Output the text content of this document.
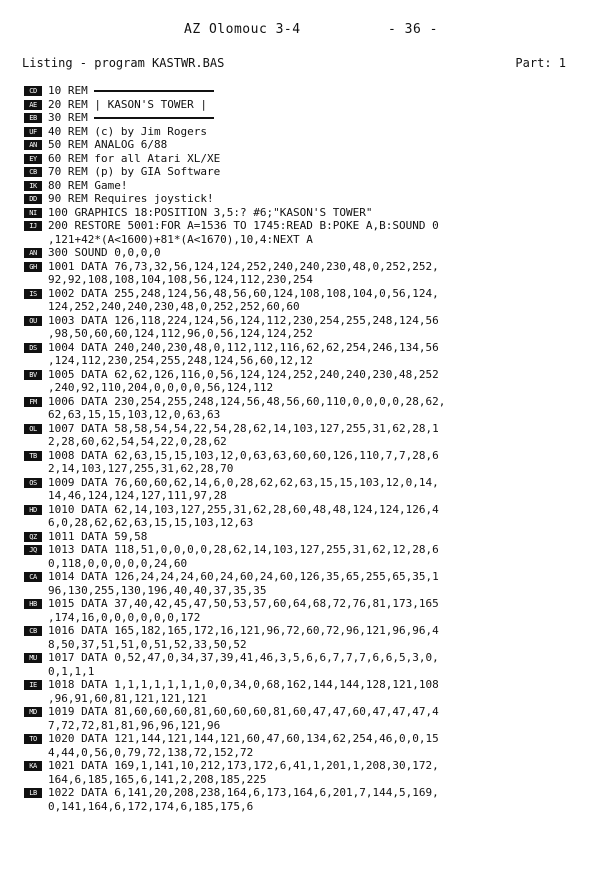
AZ Olomouc 3-4	- 36 -
Listing - program KASTWR.BAS	Part: 1
CD	10 REM
AE	20 REM | KASON'S TOWER |
EB	30 REM
UF	40 REM (c) by Jim Rogers
AN	50 REM ANALOG 6/88
EY	60 REM for all Atari XL/XE
CB	70 REM (p) by GIA Software
IK	80 REM Game!
DD	90 REM Requires joystick!
NI	100 GRAPHICS 18:POSITION 3,5:? #6;"KASON'S TOWER"
IJ	200 RESTORE 5001:FOR A=1536 TO 1745:READ B:POKE A,B:SOUND 0
,121+42*(A<1600)+81*(A<1670),10,4:NEXT A
AN	300 SOUND 0,0,0,0
GH	1001 DATA 76,73,32,56,124,124,252,240,240,230,48,0,252,252,
92,92,108,108,104,108,56,124,112,230,254
IS	1002 DATA 255,248,124,56,48,56,60,124,108,108,104,0,56,124,
124,252,240,240,230,48,0,252,252,60,60
OU	1003 DATA 126,118,224,124,56,124,112,230,254,255,248,124,56
,98,50,60,60,124,112,96,0,56,124,124,252
DS	1004 DATA 240,240,230,48,0,112,112,116,62,62,254,246,134,56
,124,112,230,254,255,248,124,56,60,12,12
BV	1005 DATA 62,62,126,116,0,56,124,124,252,240,240,230,48,252
,240,92,110,204,0,0,0,0,56,124,112
FM	1006 DATA 230,254,255,248,124,56,48,56,60,110,0,0,0,0,28,62,
62,63,15,15,103,12,0,63,63
OL	1007 DATA 58,58,54,54,22,54,28,62,14,103,127,255,31,62,28,1
2,28,60,62,54,54,22,0,28,62
TB	1008 DATA 62,63,15,15,103,12,0,63,63,60,60,126,110,7,7,28,6
2,14,103,127,255,31,62,28,70
OS	1009 DATA 76,60,60,62,14,6,0,28,62,62,63,15,15,103,12,0,14,
14,46,124,124,127,111,97,28
HD	1010 DATA 62,14,103,127,255,31,62,28,60,48,48,124,124,126,4
6,0,28,62,62,63,15,15,103,12,63
QZ	1011 DATA 59,58
JQ	1013 DATA 118,51,0,0,0,0,28,62,14,103,127,255,31,62,12,28,6
0,118,0,0,0,0,0,24,60
CA	1014 DATA 126,24,24,24,60,24,60,24,60,126,35,65,255,65,35,1
96,130,255,130,196,40,40,37,35,35
HB	1015 DATA 37,40,42,45,47,50,53,57,60,64,68,72,76,81,173,165
,174,16,0,0,0,0,0,0,172
CB	1016 DATA 165,182,165,172,16,121,96,72,60,72,96,121,96,96,4
8,50,37,51,51,0,51,52,33,50,52
MU	1017 DATA 0,52,47,0,34,37,39,41,46,3,5,6,6,7,7,7,6,6,5,3,0,
0,1,1,1
IE	1018 DATA 1,1,1,1,1,1,1,0,0,34,0,68,162,144,144,128,121,108
,96,91,60,81,121,121,121
MD	1019 DATA 81,60,60,60,81,60,60,60,81,60,47,47,60,47,47,47,4
7,72,72,81,81,96,96,121,96
TO	1020 DATA 121,144,121,144,121,60,47,60,134,62,254,46,0,0,15
4,44,0,56,0,79,72,138,72,152,72
KA	1021 DATA 169,1,141,10,212,173,172,6,41,1,201,1,208,30,172,
164,6,185,165,6,141,2,208,185,225
LB	1022 DATA 6,141,20,208,238,164,6,173,164,6,201,7,144,5,169,
0,141,164,6,172,174,6,185,175,6
